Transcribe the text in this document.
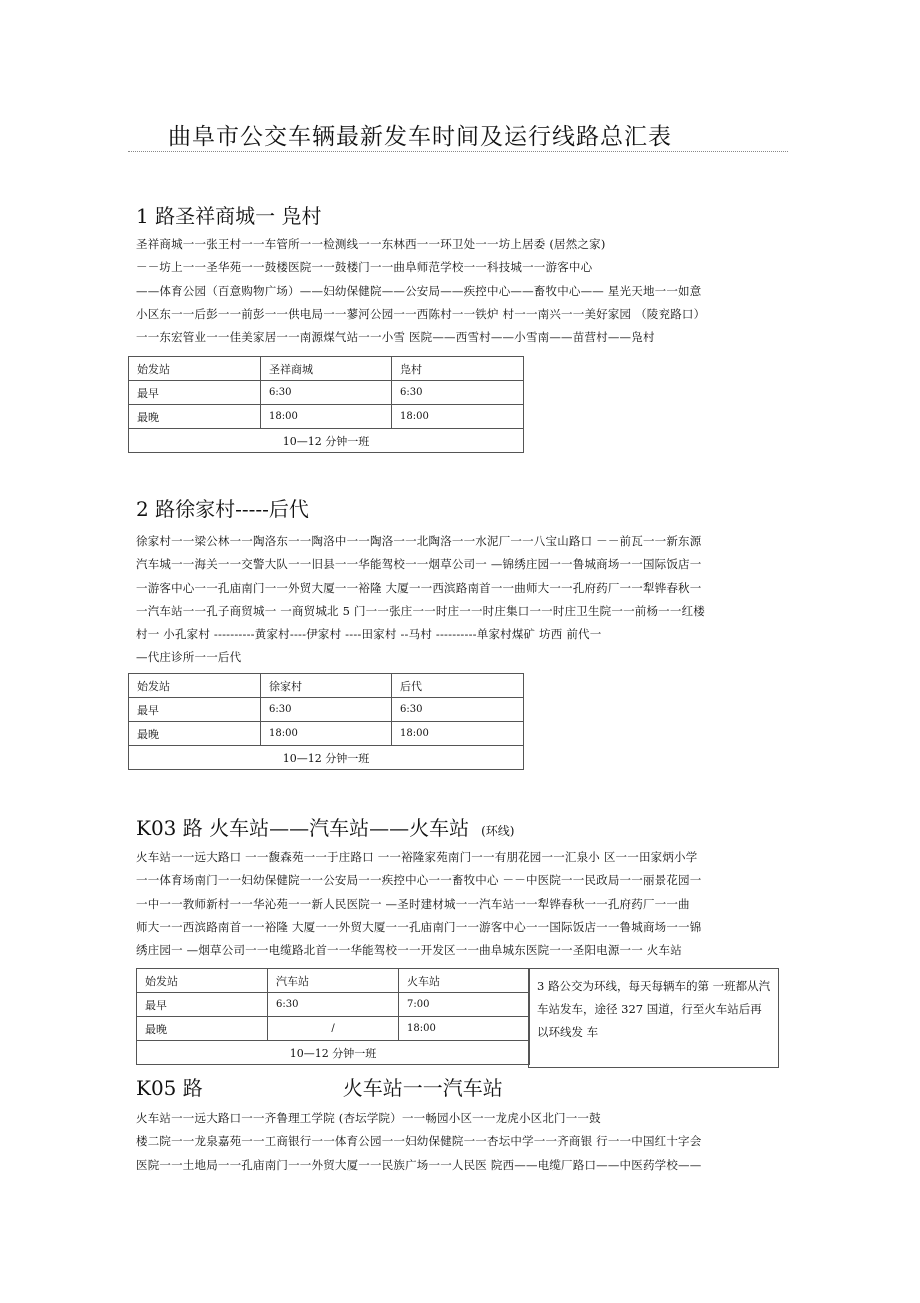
曲阜市公交车辆最新发车时间及运行线路总汇表
1 路圣祥商城一 凫村

圣祥商城一一张王村一一车管所一一检测线一一东林西一一环卫处一一坊上居委 (居然之家)
－－坊上一一圣华苑一一鼓楼医院一一鼓楼门一一曲阜师范学校一一科技城一一游客中心
——体育公园（百意购物广场）——妇幼保健院——公安局——疾控中心——畜牧中心—— 星光天地一一如意
小区东一一后彭一一前彭一一供电局一一蓼河公园一一西陈村一一铁炉 村一一南兴一一美好家园 （陵兖路口）
一一东宏管业一一佳美家居一一南源煤气站一一小雪 医院——西雪村——小雪南——苗营村——凫村

始发站	圣祥商城	凫村
最早	6:30	6:30
最晚	18:00	18:00
10—12 分钟一班		
2 路徐家村-----后代

徐家村一一梁公林一一陶洛东一一陶洛中一一陶洛一一北陶洛一一水泥厂一一八宝山路口 －－前瓦一一新东源
汽车城一一海关一一交警大队一一旧县一一华能驾校一一烟草公司一 —锦绣庄园一一鲁城商场一一国际饭店一
一游客中心一一孔庙南门一一外贸大厦一一裕隆 大厦一一西滨路南首一一曲师大一一孔府药厂一一犁铧春秋一
一汽车站一一孔子商贸城一 一商贸城北 5 门一一张庄一一时庄一一时庄集口一一时庄卫生院一一前杨一一红楼
村一 小孔家村 ----------黄家村----伊家村 ----田家村 --马村 ----------单家村煤矿 坊西 前代一
—代庄诊所一一后代

始发站	徐家村	后代
最早	6:30	6:30
最晚	18:00	18:00
10—12 分钟一班		
K03 路 火车站——汽车站——火车站 (环线)

火车站一一远大路口 一一馥森苑一一于庄路口 一一裕隆家苑南门一一有朋花园一一汇泉小 区一一田家炳小学
一一体育场南门一一妇幼保健院一一公安局一一疾控中心一一畜牧中心 －－中医院一一民政局一一丽景花园一
一中一一教师新村一一华沁苑一一新人民医院一 —圣时建材城一一汽车站一一犁铧春秋一一孔府药厂一一曲
师大一一西滨路南首一一裕隆 大厦一一外贸大厦一一孔庙南门一一游客中心一一国际饭店一一鲁城商场一一锦
绣庄园一 —烟草公司一一电缆路北首一一华能驾校一一开发区一一曲阜城东医院一一圣阳电源一一 火车站

始发站	汽车站	火车站
最早	6:30	7:00
最晚	/	18:00
10—12 分钟一班		
3 路公交为环线，每天每辆车的第 一班都从汽车站发车，途径 327 国道，行至火车站后再以环线发 车
K05 路	火车站一一汽车站

火车站一一远大路口一一齐鲁理工学院 (杏坛学院）一一畅园小区一一龙虎小区北门一一鼓
楼二院一一龙泉嘉苑一一工商银行一一体育公园一一妇幼保健院一一杏坛中学一一齐商银 行一一中国红十字会
医院一一土地局一一孔庙南门一一外贸大厦一一民族广场一一人民医 院西——电缆厂路口——中医药学校——
